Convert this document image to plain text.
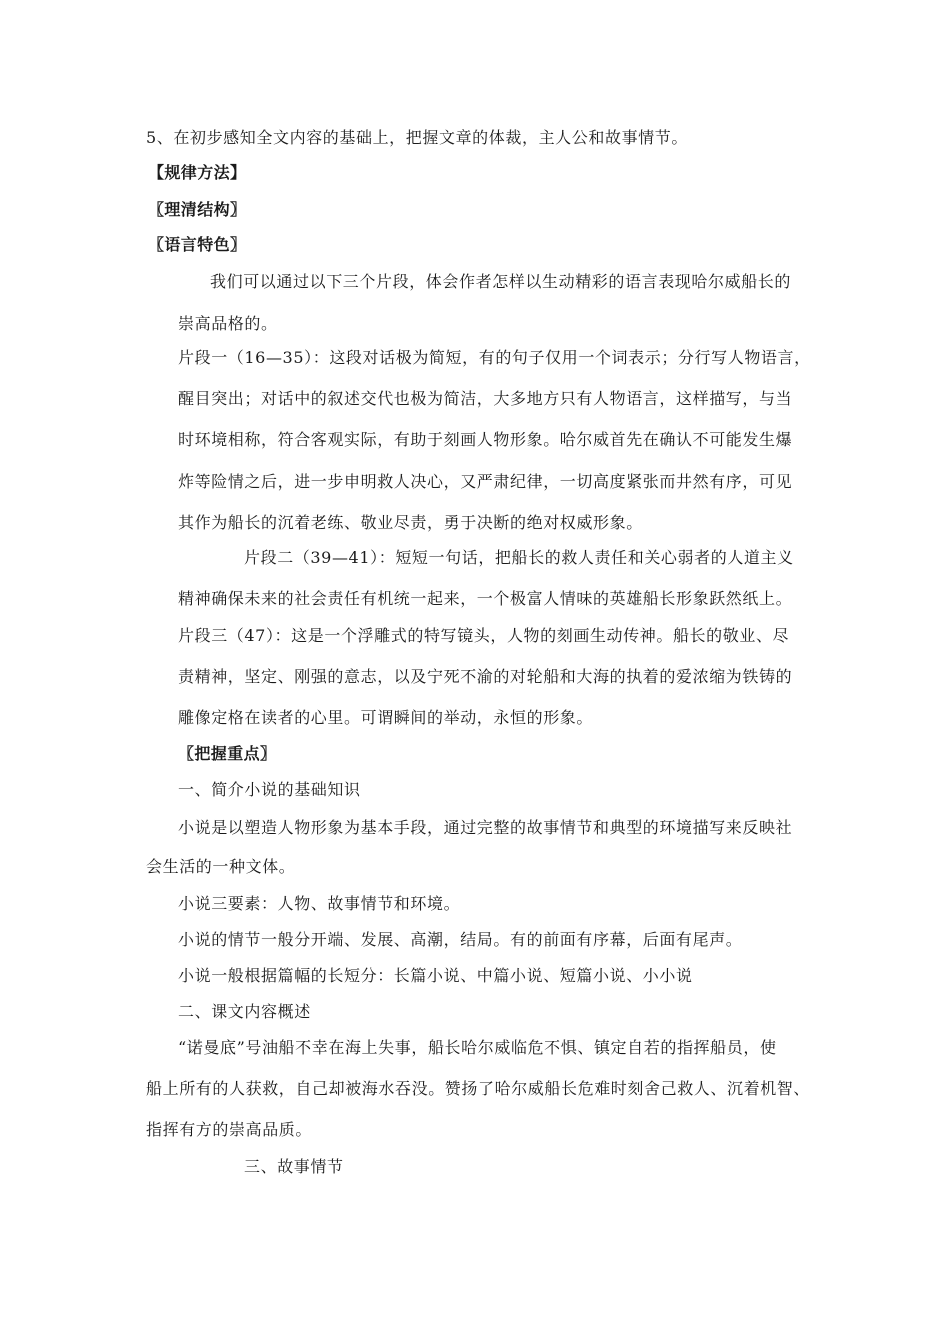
5、在初步感知全文内容的基础上，把握文章的体裁，主人公和故事情节。
【规律方法】
〖理清结构〗
〖语言特色〗
我们可以通过以下三个片段，体会作者怎样以生动精彩的语言表现哈尔威船长的
崇高品格的。
片段一（16—35）：这段对话极为简短，有的句子仅用一个词表示；分行写人物语言，
醒目突出；对话中的叙述交代也极为简洁，大多地方只有人物语言，这样描写，与当
时环境相称，符合客观实际，有助于刻画人物形象。哈尔威首先在确认不可能发生爆
炸等险情之后，进一步申明救人决心，又严肃纪律，一切高度紧张而井然有序，可见
其作为船长的沉着老练、敬业尽责，勇于决断的绝对权威形象。
片段二（39—41）：短短一句话，把船长的救人责任和关心弱者的人道主义
精神确保未来的社会责任有机统一起来，一个极富人情味的英雄船长形象跃然纸上。
片段三（47）：这是一个浮雕式的特写镜头，人物的刻画生动传神。船长的敬业、尽
责精神，坚定、刚强的意志，以及宁死不渝的对轮船和大海的执着的爱浓缩为铁铸的
雕像定格在读者的心里。可谓瞬间的举动，永恒的形象。
〖把握重点〗
一、简介小说的基础知识
小说是以塑造人物形象为基本手段，通过完整的故事情节和典型的环境描写来反映社
会生活的一种文体。
小说三要素：人物、故事情节和环境。
小说的情节一般分开端、发展、高潮，结局。有的前面有序幕，后面有尾声。
小说一般根据篇幅的长短分：长篇小说、中篇小说、短篇小说、小小说
二、课文内容概述
“诺曼底”号油船不幸在海上失事，船长哈尔威临危不惧、镇定自若的指挥船员，使
船上所有的人获救，自己却被海水吞没。赞扬了哈尔威船长危难时刻舍己救人、沉着机智、
指挥有方的崇高品质。
三、故事情节
